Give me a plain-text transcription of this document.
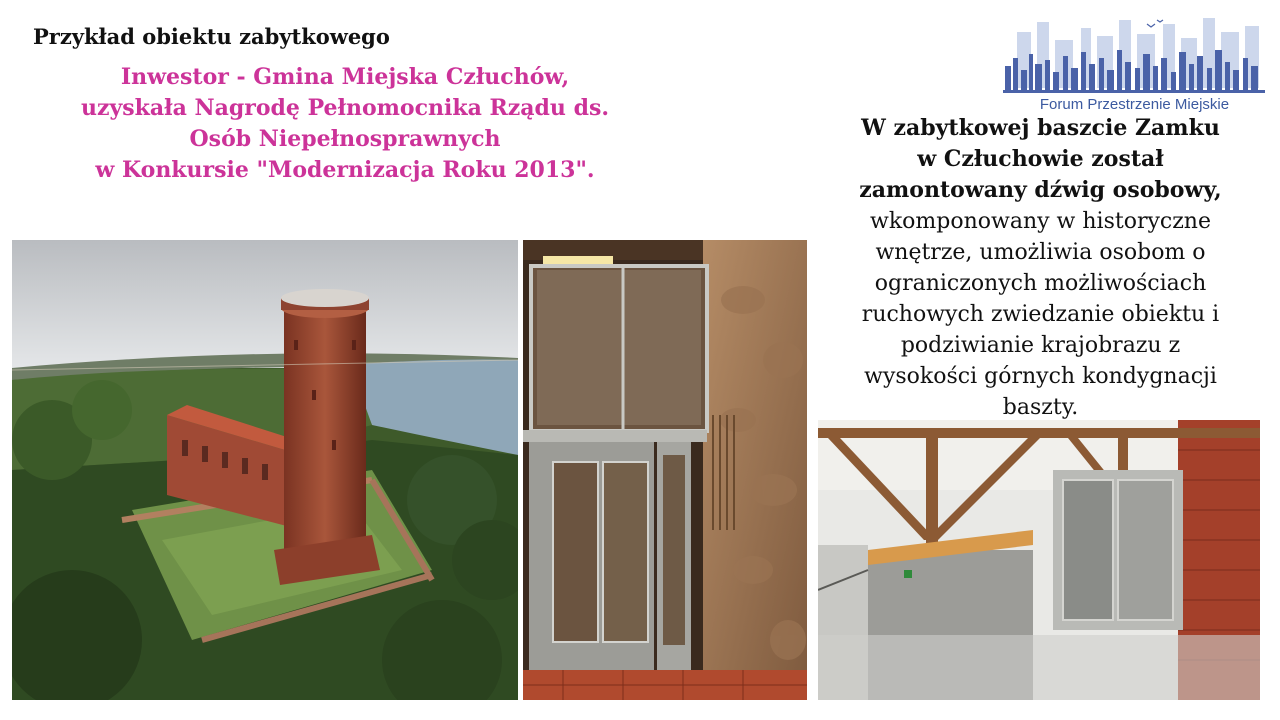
Przykład obiektu zabytkowego
Inwestor - Gmina Miejska Człuchów,
uzyskała Nagrodę Pełnomocnika Rządu ds.
Osób Niepełnosprawnych
w Konkursie "Modernizacja Roku 2013".
Forum Przestrzenie Miejskie
W zabytkowej baszcie Zamku
w Człuchowie został
zamontowany dźwig osobowy,
wkomponowany w historyczne
wnętrze, umożliwia osobom o
ograniczonych możliwościach
ruchowych zwiedzanie obiektu i
podziwianie krajobrazu z
wysokości górnych kondygnacji
baszty.
